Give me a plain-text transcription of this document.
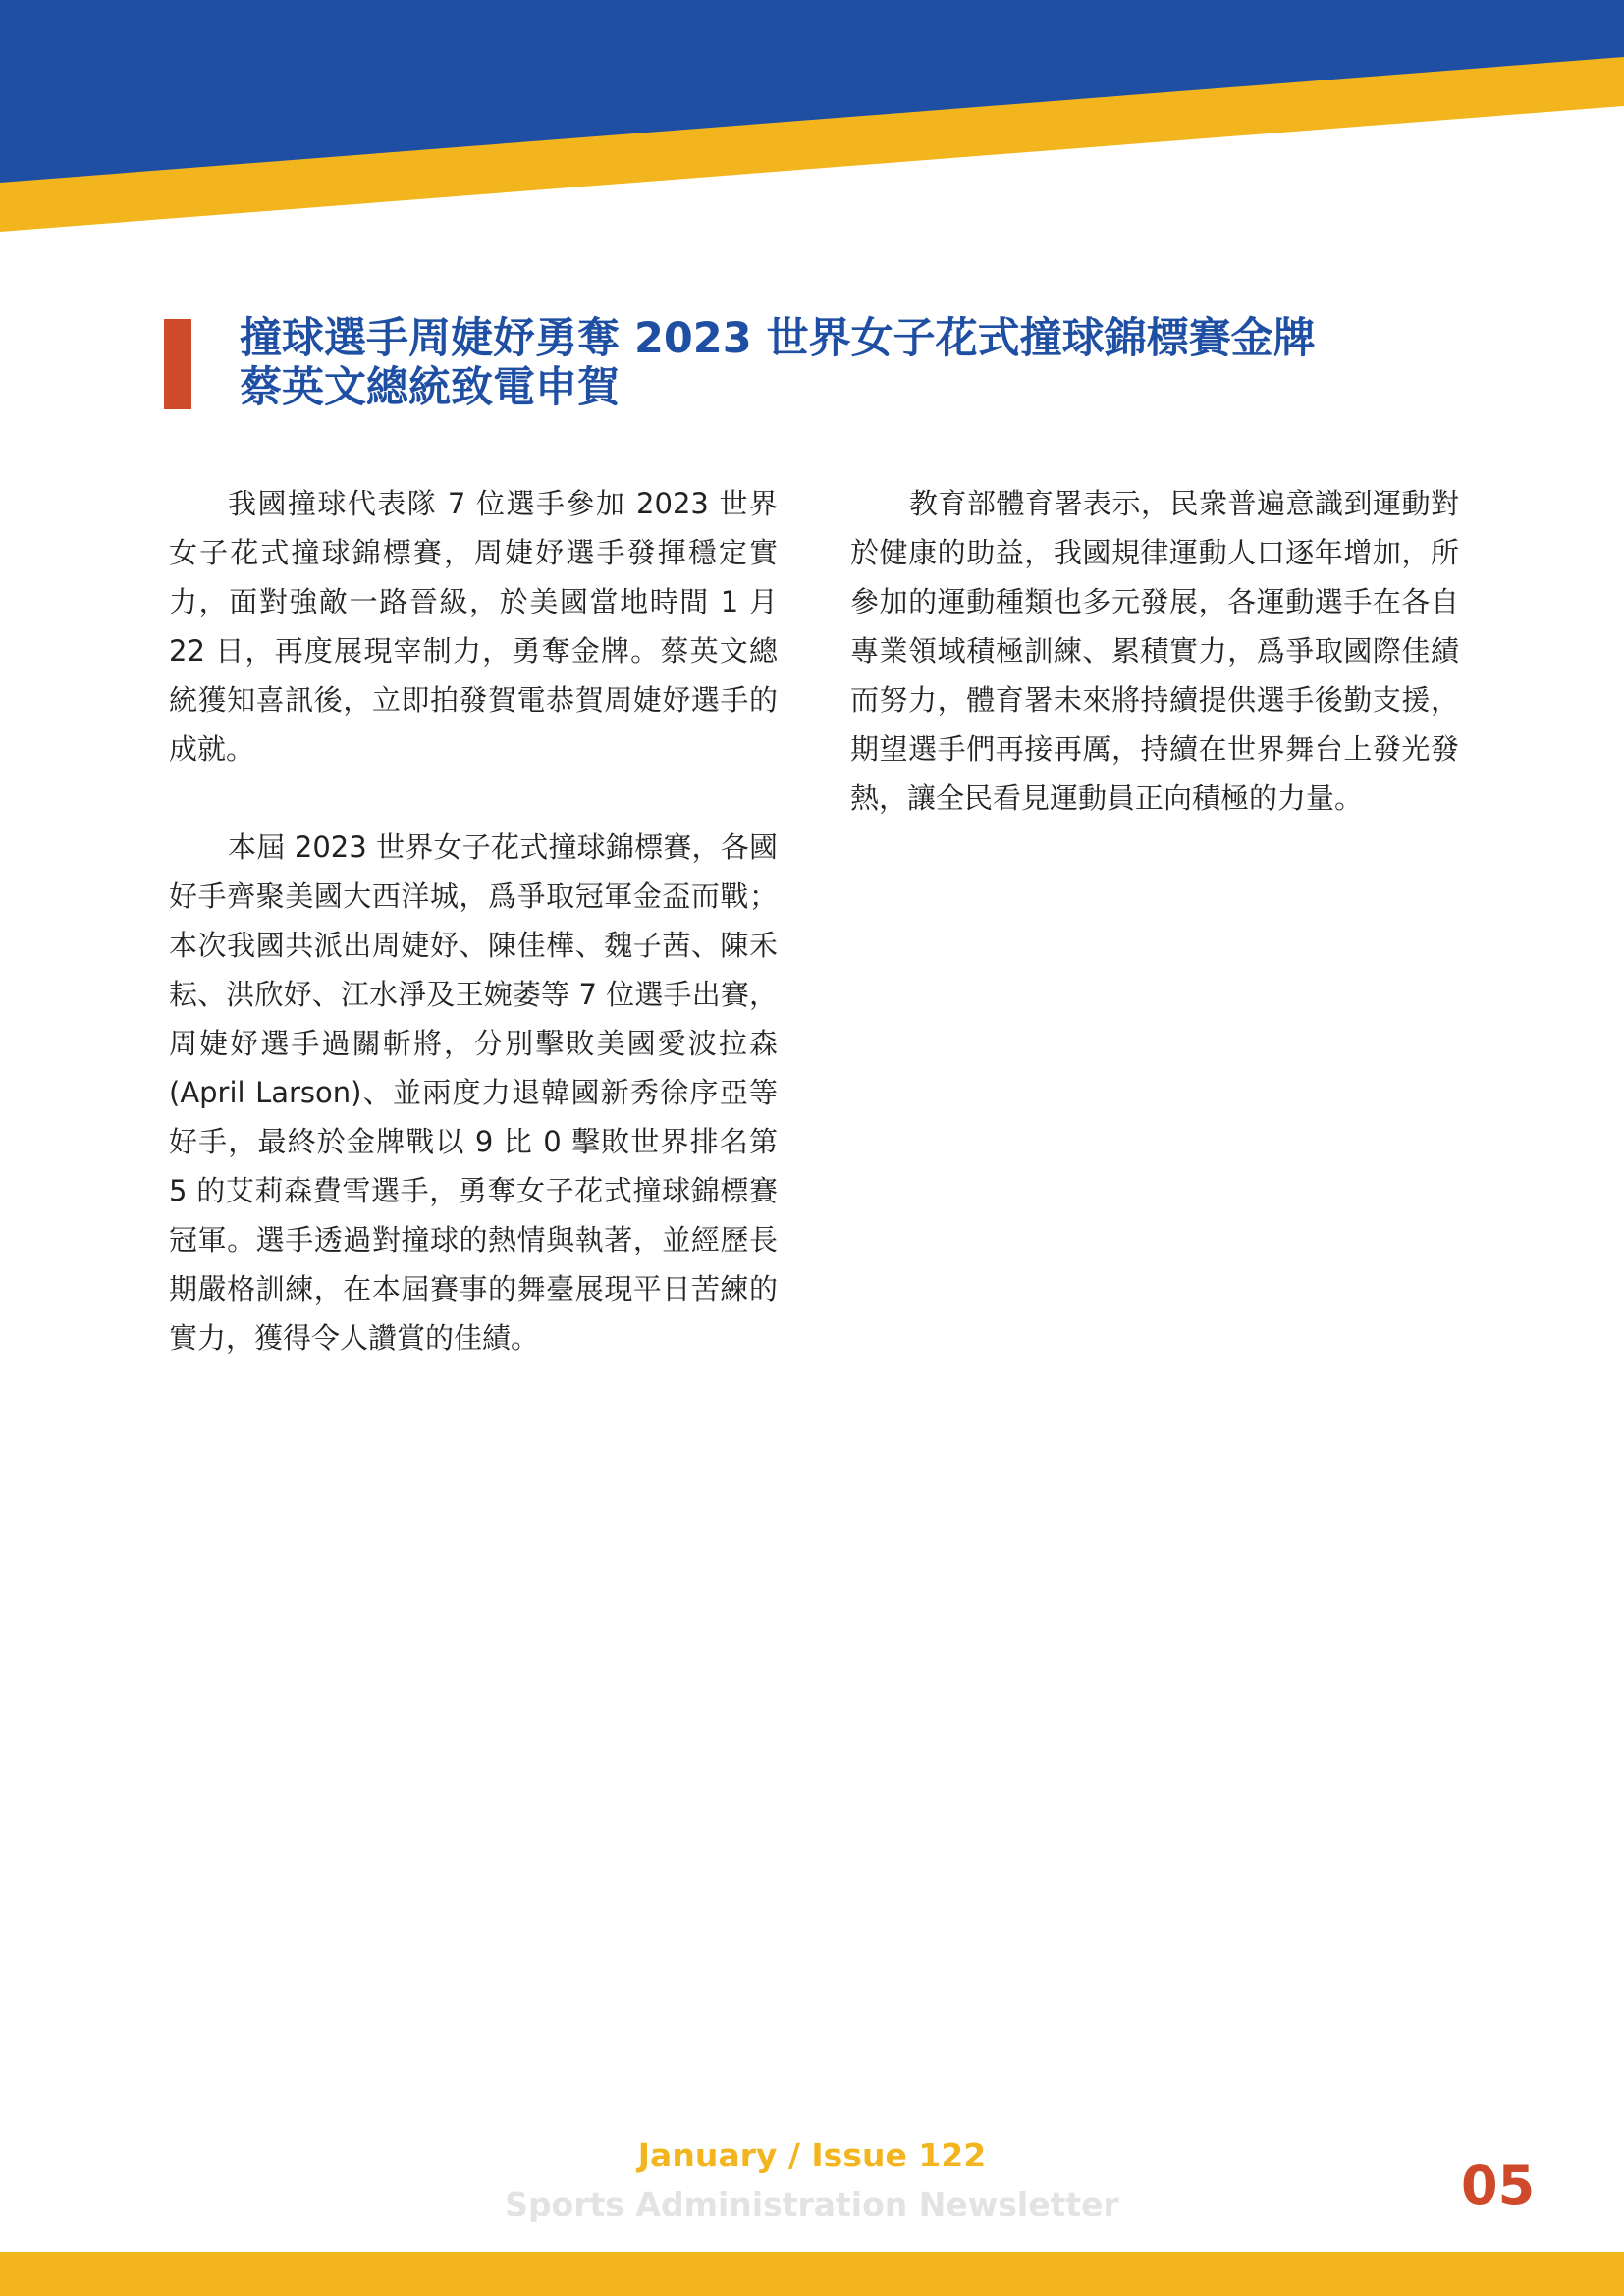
撞球選手周婕妤勇奪 2023 世界女子花式撞球錦標賽金牌
蔡英文總統致電申賀

我國撞球代表隊 7 位選手參加 2023 世界女子花式撞球錦標賽，周婕妤選手發揮穩定實力，面對強敵一路晉級，於美國當地時間 1 月 22 日，再度展現宰制力，勇奪金牌。蔡英文總統獲知喜訊後，立即拍發賀電恭賀周婕妤選手的成就。

本屆 2023 世界女子花式撞球錦標賽，各國好手齊聚美國大西洋城，爲爭取冠軍金盃而戰；本次我國共派出周婕妤、陳佳樺、魏子茜、陳禾耘、洪欣妤、江水淨及王婉萎等 7 位選手出賽，周婕妤選手過關斬將，分別擊敗美國愛波拉森(April Larson)、並兩度力退韓國新秀徐序亞等好手，最終於金牌戰以 9 比 0 擊敗世界排名第 5 的艾莉森費雪選手，勇奪女子花式撞球錦標賽冠軍。選手透過對撞球的熱情與執著，並經歷長期嚴格訓練，在本屆賽事的舞臺展現平日苦練的實力，獲得令人讚賞的佳績。

教育部體育署表示，民衆普遍意識到運動對於健康的助益，我國規律運動人口逐年增加，所參加的運動種類也多元發展，各運動選手在各自專業領域積極訓練、累積實力，爲爭取國際佳績而努力，體育署未來將持續提供選手後勤支援，期望選手們再接再厲，持續在世界舞台上發光發熱，讓全民看見運動員正向積極的力量。

January / Issue 122
Sports Administration Newsletter	05
